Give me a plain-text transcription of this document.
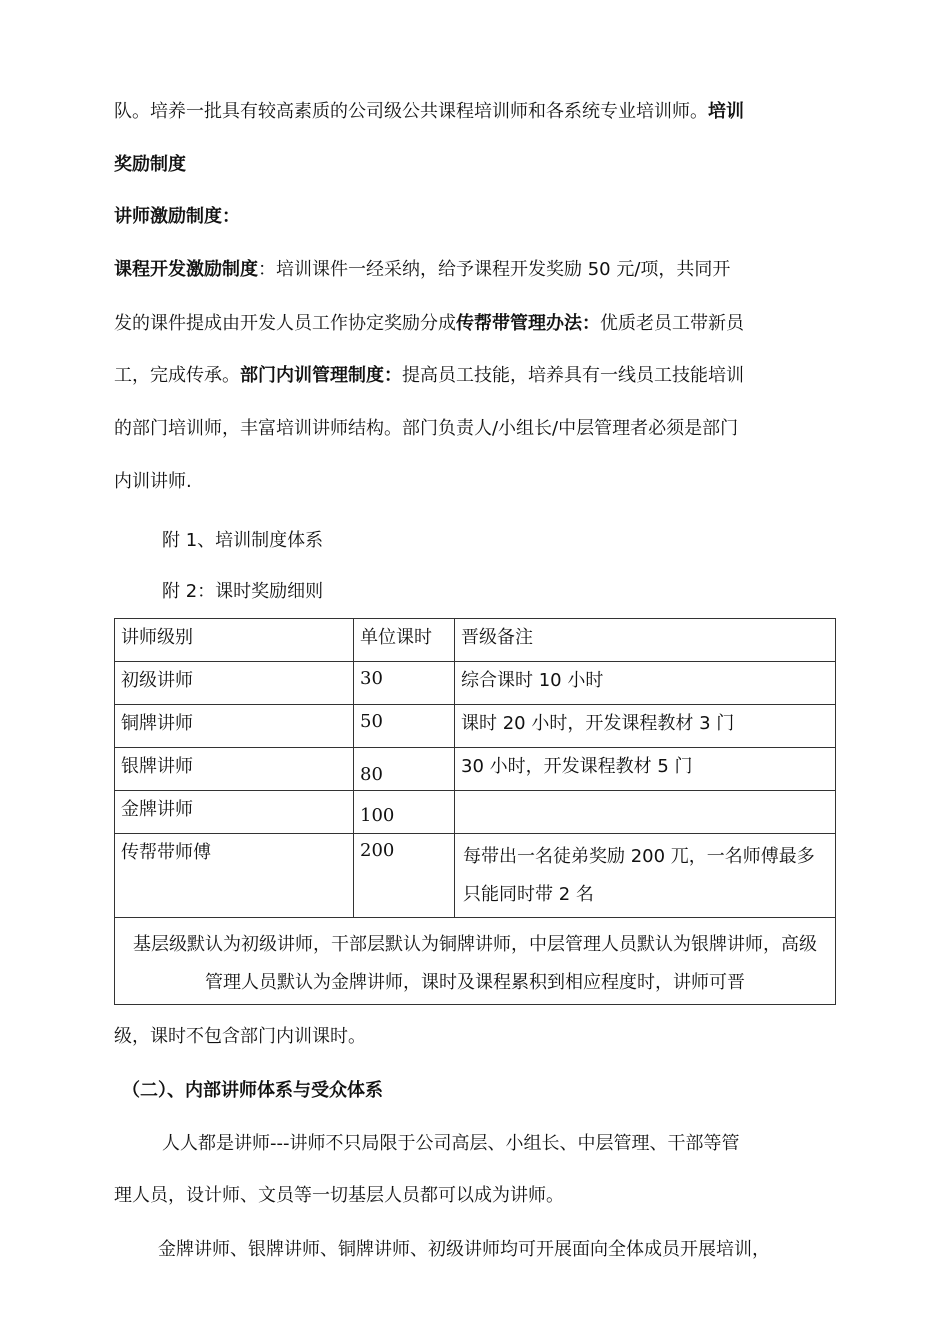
队。培养一批具有较高素质的公司级公共课程培训师和各系统专业培训师。培训
奖励制度
讲师激励制度：
课程开发激励制度：培训课件一经采纳，给予课程开发奖励 50 元/项，共同开
发的课件提成由开发人员工作协定奖励分成传帮带管理办法：优质老员工带新员
工，完成传承。部门内训管理制度：提高员工技能，培养具有一线员工技能培训
的部门培训师，丰富培训讲师结构。部门负责人/小组长/中层管理者必须是部门
内训讲师.
附 1、培训制度体系
附 2：课时奖励细则
讲师级别	单位课时	晋级备注
初级讲师	30	综合课时 10 小时
铜牌讲师	50	课时 20 小时，开发课程教材 3 门
银牌讲师	80	30 小时，开发课程教材 5 门
金牌讲师	100	
传帮带师傅	200	每带出一名徒弟奖励 200 兀，一名师傅最多只能同时带 2 名
基层级默认为初级讲师，干部层默认为铜牌讲师，中层管理人员默认为银牌讲师，高级管理人员默认为金牌讲师，课时及课程累积到相应程度时，讲师可晋		
级，课时不包含部门内训课时。
（二）、内部讲师体系与受众体系
人人都是讲师---讲师不只局限于公司高层、小组长、中层管理、干部等管
理人员，设计师、文员等一切基层人员都可以成为讲师。
金牌讲师、银牌讲师、铜牌讲师、初级讲师均可开展面向全体成员开展培训，
